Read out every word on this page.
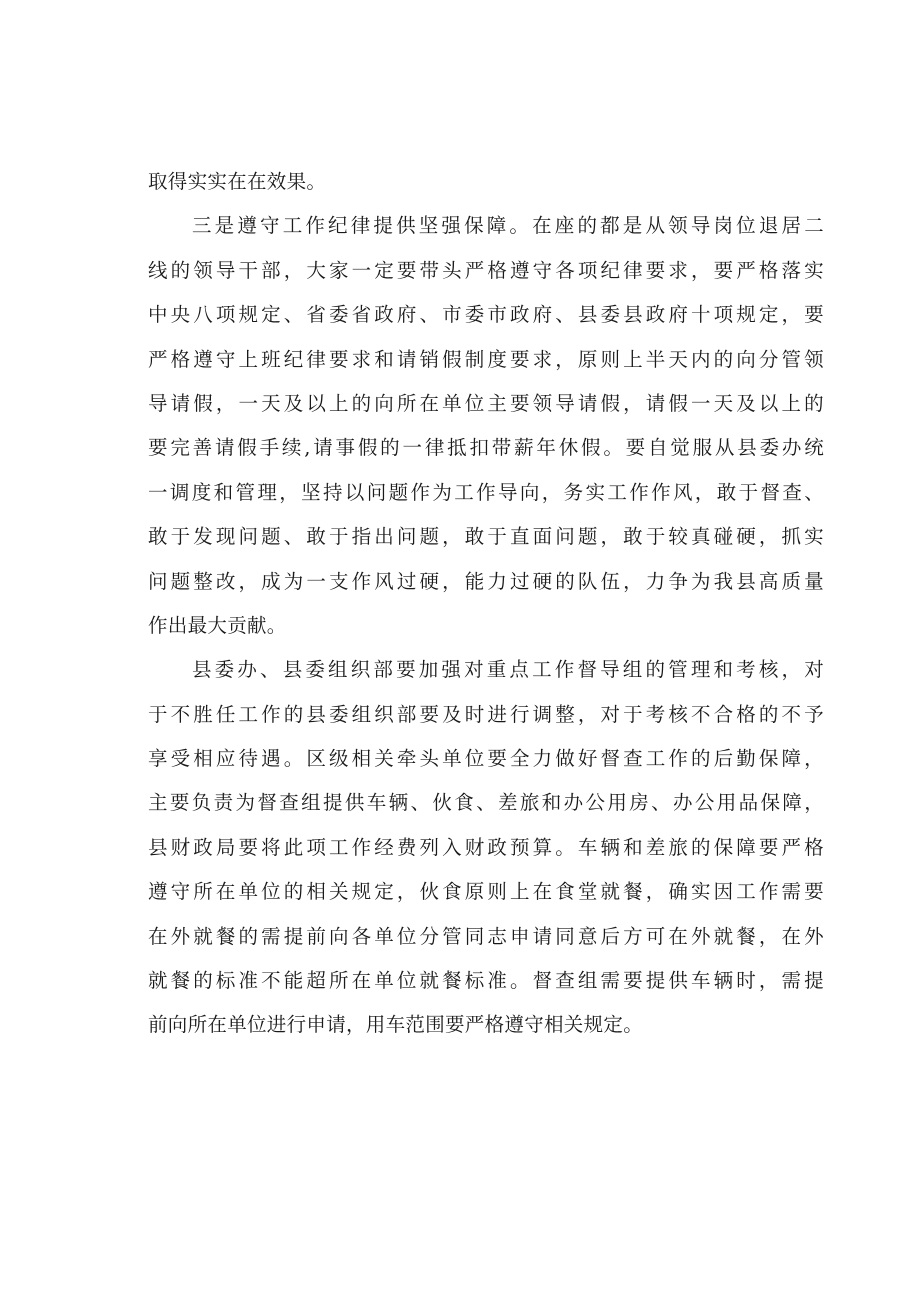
取得实实在在效果。
三是遵守工作纪律提供坚强保障。在座的都是从领导岗位退居二
线的领导干部，大家一定要带头严格遵守各项纪律要求，要严格落实
中央八项规定、省委省政府、市委市政府、县委县政府十项规定，要
严格遵守上班纪律要求和请销假制度要求，原则上半天内的向分管领
导请假，一天及以上的向所在单位主要领导请假，请假一天及以上的
要完善请假手续,请事假的一律抵扣带薪年休假。要自觉服从县委办统
一调度和管理，坚持以问题作为工作导向，务实工作作风，敢于督查、
敢于发现问题、敢于指出问题，敢于直面问题，敢于较真碰硬，抓实
问题整改，成为一支作风过硬，能力过硬的队伍，力争为我县高质量
作出最大贡献。
县委办、县委组织部要加强对重点工作督导组的管理和考核，对
于不胜任工作的县委组织部要及时进行调整，对于考核不合格的不予
享受相应待遇。区级相关牵头单位要全力做好督查工作的后勤保障，
主要负责为督查组提供车辆、伙食、差旅和办公用房、办公用品保障，
县财政局要将此项工作经费列入财政预算。车辆和差旅的保障要严格
遵守所在单位的相关规定，伙食原则上在食堂就餐，确实因工作需要
在外就餐的需提前向各单位分管同志申请同意后方可在外就餐，在外
就餐的标准不能超所在单位就餐标准。督查组需要提供车辆时，需提
前向所在单位进行申请，用车范围要严格遵守相关规定。
